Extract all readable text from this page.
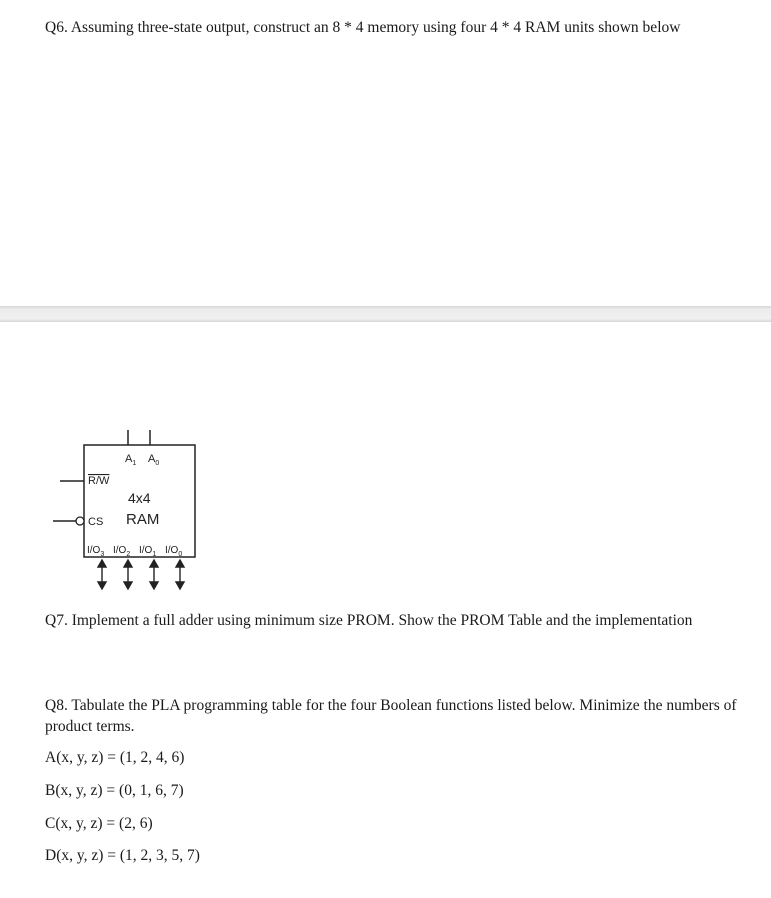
Q6. Assuming three-state output, construct an 8 * 4 memory using four 4 * 4 RAM units shown below

$A_1$ $A_0$
R/W
4x4
RAM
CS
$I/O_3$ $I/O_2$ $I/O_1$ $I/O_0$

Q7. Implement a full adder using minimum size PROM. Show the PROM Table and the implementation

Q8. Tabulate the PLA programming table for the four Boolean functions listed below. Minimize the numbers of product terms.

A(x, y, z) = (1, 2, 4, 6)

B(x, y, z) = (0, 1, 6, 7)

C(x, y, z) = (2, 6)

D(x, y, z) = (1, 2, 3, 5, 7)
